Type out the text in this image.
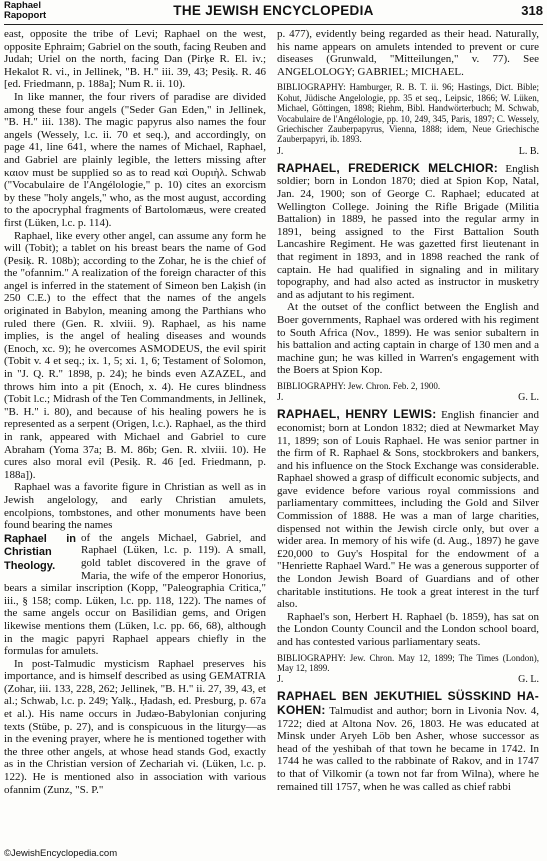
Raphael
Rapoport	THE JEWISH ENCYCLOPEDIA	318

east, opposite the tribe of Levi; Raphael on the west, opposite Ephraim; Gabriel on the south, facing Reuben and Judah; Uriel on the north, facing Dan (Pirḳe R. El. iv.; Hekalot R. vi., in Jellinek, "B. H." iii. 39, 43; Pesiḳ. R. 46 [ed. Friedmann, p. 188a]; Num R. ii. 10).

In like manner, the four rivers of paradise are divided among these four angels ("Seder Gan Eden," in Jellinek, "B. H." iii. 138). The magic papyrus also names the four angels (Wessely, l.c. ii. 70 et seq.), and accordingly, on page 41, line 641, where the names of Michael, Raphael, and Gabriel are plainly legible, the letters missing after καιον must be supplied so as to read καὶ Ουριὴλ. Schwab ("Vocabulaire de l'Angélologie," p. 10) cites an exorcism by these "holy angels," who, as the most august, according to the apocryphal fragments of Bartolomæus, were created first (Lüken, l.c. p. 114).

Raphael, like every other angel, can assume any form he will (Tobit); a tablet on his breast bears the name of God (Pesiḳ. R. 108b); according to the Zohar, he is the chief of the "ofannim." A realization of the foreign character of this angel is inferred in the statement of Simeon ben Laḳish (in 250 C.E.) to the effect that the names of the angels originated in Babylon, meaning among the Parthians who ruled there (Gen. R. xlviii. 9). Raphael, as his name implies, is the angel of healing diseases and wounds (Enoch, xc. 9); he overcomes ASMODEUS, the evil spirit (Tobit v. 4 et seq.; ix. 1, 5; xi. 1, 6; Testament of Solomon, in "J. Q. R." 1898, p. 24); he binds even AZAZEL, and throws him into a pit (Enoch, x. 4). He cures blindness (Tobit l.c.; Midrash of the Ten Commandments, in Jellinek, "B. H." i. 80), and because of his healing powers he is represented as a serpent (Origen, l.c.). Raphael, as the third in rank, appeared with Michael and Gabriel to cure Abraham (Yoma 37a; B. M. 86b; Gen. R. xlviii. 10). He cures also moral evil (Pesiḳ. R. 46 [ed. Friedmann, p. 188a]).

Raphael was a favorite figure in Christian as well as in Jewish angelology, and early Christian amulets, encolpions, tombstones, and other monuments have been found bearing the names

Raphael in Christian Theology.

of the angels Michael, Gabriel, and Raphael (Lüken, l.c. p. 119). A small, gold tablet discovered in the grave of Maria, the wife of the emperor Honorius, bears a similar inscription (Kopp, "Paleographia Critica," iii., § 158; comp. Lüken, l.c. pp. 118, 122). The names of the same angels occur on Basilidian gems, and Origen likewise mentions them (Lüken, l.c. pp. 66, 68), although in the magic papyri Raphael appears chiefly in the formulas for amulets.

In post-Talmudic mysticism Raphael preserves his importance, and is himself described as using GEMATRIA (Zohar, iii. 133, 228, 262; Jellinek, "B. H." ii. 27, 39, 43, et al.; Schwab, l.c. p. 249; Yalḳ., Ḥadash, ed. Presburg, p. 67a et al.). His name occurs in Judæo-Babylonian conjuring texts (Stübe, p. 27), and is conspicuous in the liturgy—as in the evening prayer, where he is mentioned together with the three other angels, at whose head stands God, exactly as in the Christian version of Zechariah vi. (Lüken, l.c. p. 122). He is mentioned also in association with various ofannim (Zunz, "S. P."

p. 477), evidently being regarded as their head. Naturally, his name appears on amulets intended to prevent or cure diseases (Grunwald, "Mitteilungen," v. 77). See ANGELOLOGY; GABRIEL; MICHAEL.

BIBLIOGRAPHY: Hamburger, R. B. T. ii. 96; Hastings, Dict. Bible; Kohut, Jüdische Angelologie, pp. 35 et seq., Leipsic, 1866; W. Lüken, Michael, Göttingen, 1898; Riehm, Bibl. Handwörterbuch; M. Schwab, Vocabulaire de l'Angélologie, pp. 10, 249, 345, Paris, 1897; C. Wessely, Griechischer Zauberpapyrus, Vienna, 1888; idem, Neue Griechische Zauberpapyri, ib. 1893.

J.	L. B.

RAPHAEL, FREDERICK MELCHIOR: English soldier; born in London 1870; died at Spion Kop, Natal, Jan. 24, 1900; son of George C. Raphael; educated at Wellington College. Joining the Rifle Brigade (Militia Battalion) in 1889, he passed into the regular army in 1891, being assigned to the First Battalion South Lancashire Regiment. He was gazetted first lieutenant in that regiment in 1893, and in 1898 reached the rank of captain. He had qualified in signaling and in military topography, and had also acted as instructor in musketry and as adjutant to his regiment.

At the outset of the conflict between the English and Boer governments, Raphael was ordered with his regiment to South Africa (Nov., 1899). He was senior subaltern in his battalion and acting captain in charge of 130 men and a machine gun; he was killed in Warren's engagement with the Boers at Spion Kop.

BIBLIOGRAPHY: Jew. Chron. Feb. 2, 1900.

J.	G. L.

RAPHAEL, HENRY LEWIS: English financier and economist; born at London 1832; died at Newmarket May 11, 1899; son of Louis Raphael. He was senior partner in the firm of R. Raphael & Sons, stockbrokers and bankers, and his influence on the Stock Exchange was considerable. Raphael showed a grasp of difficult economic subjects, and gave evidence before various royal commissions and parliamentary committees, including the Gold and Silver Commission of 1888. He was a man of large charities, dispensed not within the Jewish circle only, but over a wider area. In memory of his wife (d. Aug., 1897) he gave £20,000 to Guy's Hospital for the endowment of a "Henriette Raphael Ward." He was a generous supporter of the London Jewish Board of Guardians and of other charitable institutions. He took a great interest in the turf also.

Raphael's son, Herbert H. Raphael (b. 1859), has sat on the London County Council and the London school board, and has contested various parliamentary seats.

BIBLIOGRAPHY: Jew. Chron. May 12, 1899; The Times (London), May 12, 1899.

J.	G. L.

RAPHAEL BEN JEKUTHIEL SÜSSKIND HA-KOHEN: Talmudist and author; born in Livonia Nov. 4, 1722; died at Altona Nov. 26, 1803. He was educated at Minsk under Aryeh Löb ben Asher, whose successor as head of the yeshibah of that town he became in 1742. In 1744 he was called to the rabbinate of Rakov, and in 1747 to that of Vilkomir (a town not far from Wilna), where he remained till 1757, when he was called as chief rabbi

©JewishEncyclopedia.com
